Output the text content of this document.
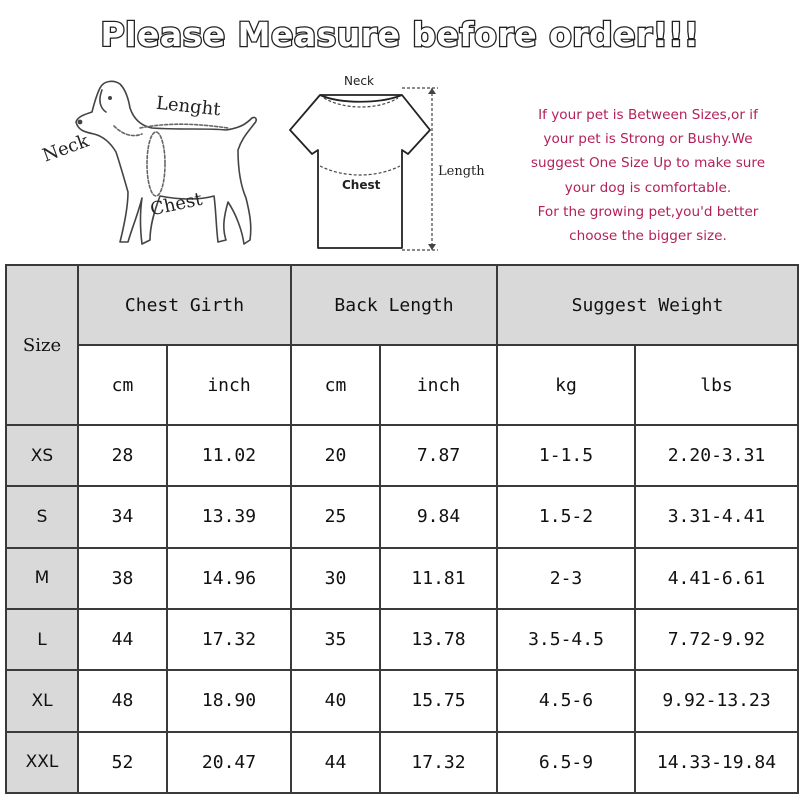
Please Measure before order!!!
Neck
Lenght
Chest
Neck
Chest
Length
If your pet is Between Sizes,or if
your pet is Strong or Bushy.We
suggest One Size Up to make sure
your dog is comfortable.
For the growing pet,you'd better
choose the bigger size.
Size	Chest Girth		Back Length		Suggest Weight	
	cm	inch	cm	inch	kg	lbs
XS	28	11.02	20	7.87	1-1.5	2.20-3.31
S	34	13.39	25	9.84	1.5-2	3.31-4.41
M	38	14.96	30	11.81	2-3	4.41-6.61
L	44	17.32	35	13.78	3.5-4.5	7.72-9.92
XL	48	18.90	40	15.75	4.5-6	9.92-13.23
XXL	52	20.47	44	17.32	6.5-9	14.33-19.84
